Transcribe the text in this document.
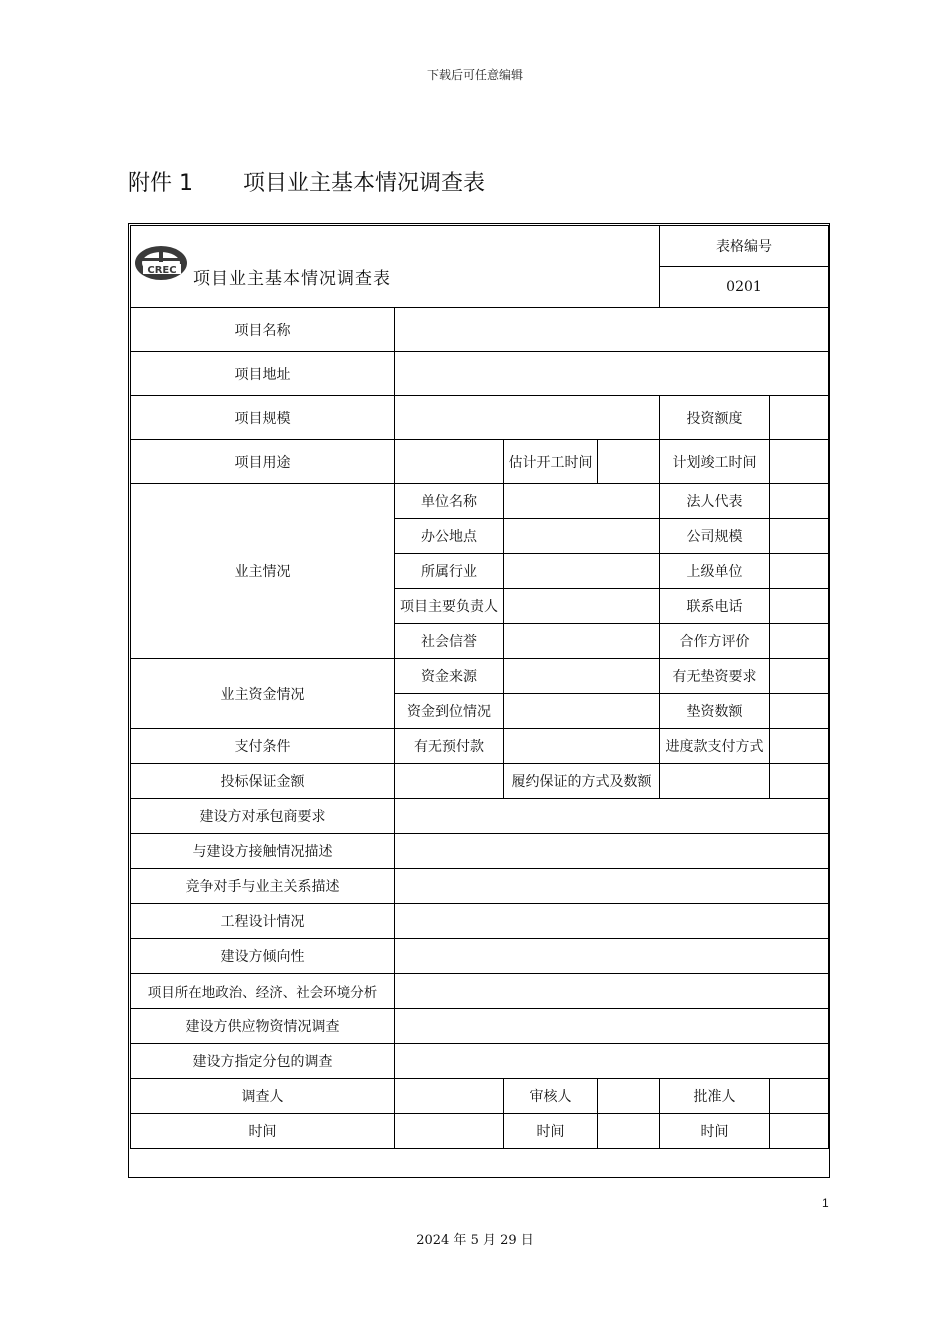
下载后可任意编辑
附件 1 项目业主基本情况调查表
CREC 项目业主基本情况调查表				表格编号	
				0201	
项目名称					
项目地址					
项目规模				投资额度	
项目用途		估计开工时间		计划竣工时间	
业主情况	单位名称			法人代表	
	办公地点			公司规模	
	所属行业			上级单位	
	项目主要负责人			联系电话	
	社会信誉			合作方评价	
业主资金情况	资金来源			有无垫资要求	
	资金到位情况			垫资数额	
支付条件	有无预付款			进度款支付方式	
投标保证金额		履约保证的方式及数额			
建设方对承包商要求					
与建设方接触情况描述					
竞争对手与业主关系描述					
工程设计情况					
建设方倾向性					
项目所在地政治、经济、社会环境分析					
建设方供应物资情况调查					
建设方指定分包的调查					
调查人		审核人		批准人	
时间		时间		时间	
1
2024 年 5 月 29 日
